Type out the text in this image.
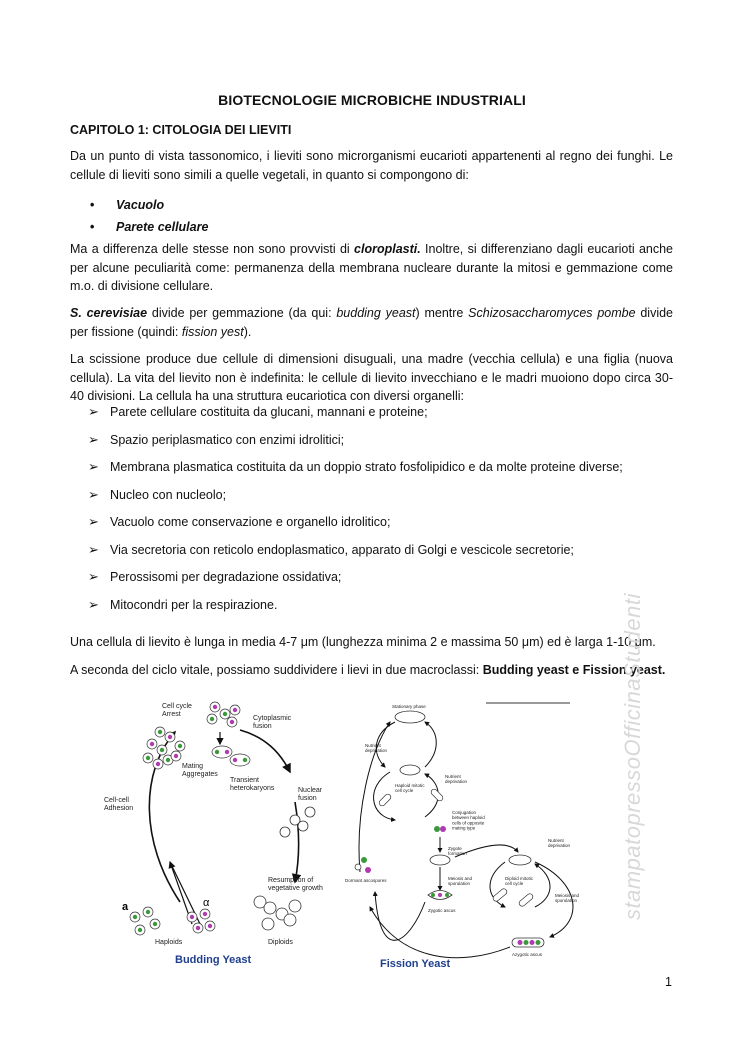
BIOTECNOLOGIE MICROBICHE INDUSTRIALI
CAPITOLO 1: CITOLOGIA DEI LIEVITI
Da un punto di vista tassonomico, i lieviti sono microrganismi eucarioti appartenenti al regno dei funghi. Le cellule di lieviti sono simili a quelle vegetali, in quanto si compongono di:
• Vacuolo
• Parete cellulare
Ma a differenza delle stesse non sono provvisti di cloroplasti. Inoltre, si differenziano dagli eucarioti anche per alcune peculiarità come: permanenza della membrana nucleare durante la mitosi e gemmazione come m.o. di divisione cellulare.
S. cerevisiae divide per gemmazione (da qui: budding yeast) mentre Schizosaccharomyces pombe divide per fissione (quindi: fission yest).
La scissione produce due cellule di dimensioni disuguali, una madre (vecchia cellula) e una figlia (nuova cellula). La vita del lievito non è indefinita: le cellule di lievito invecchiano e le madri muoiono dopo circa 30-40 divisioni. La cellula ha una struttura eucariotica con diversi organelli:
➢ Parete cellulare costituita da glucani, mannani e proteine;
➢ Spazio periplasmatico con enzimi idrolitici;
➢ Membrana plasmatica costituita da un doppio strato fosfolipidico e da molte proteine diverse;
➢ Nucleo con nucleolo;
➢ Vacuolo come conservazione e organello idrolitico;
➢ Via secretoria con reticolo endoplasmatico, apparato di Golgi e vescicole secretorie;
➢ Perossisomi per degradazione ossidativa;
➢ Mitocondri per la respirazione.
Una cellula di lievito è lunga in media 4-7 μm (lunghezza minima 2 e massima 50 μm) ed è larga 1-10 μm.
A seconda del ciclo vitale, possiamo suddividere i lievi in due macroclassi: Budding yeast e Fission yeast.
Cell cycle Arrest
Cytoplasmic fusion
Mating Aggregates
Transient heterokaryons	Nuclear fusion
Cell-cell Adhesion
Resumption of vegetative growth
Haploids	Diploids
a	α
Budding Yeast
Stationary phase
Nutrient deprivation
Nutrient deprivation
Haploid mitotic cell cycle
Conjugation between haploid cells of opposite mating type
Zygote formation
Meiosis and sporulation
Nutrient deprivation
Diploid mitotic cell cycle
Meiosis and sporulation
Dormant ascospores
Zygotic ascus
Azygotic ascus
Fission Yeast
stampatopressoOfficinaStudenti
1
